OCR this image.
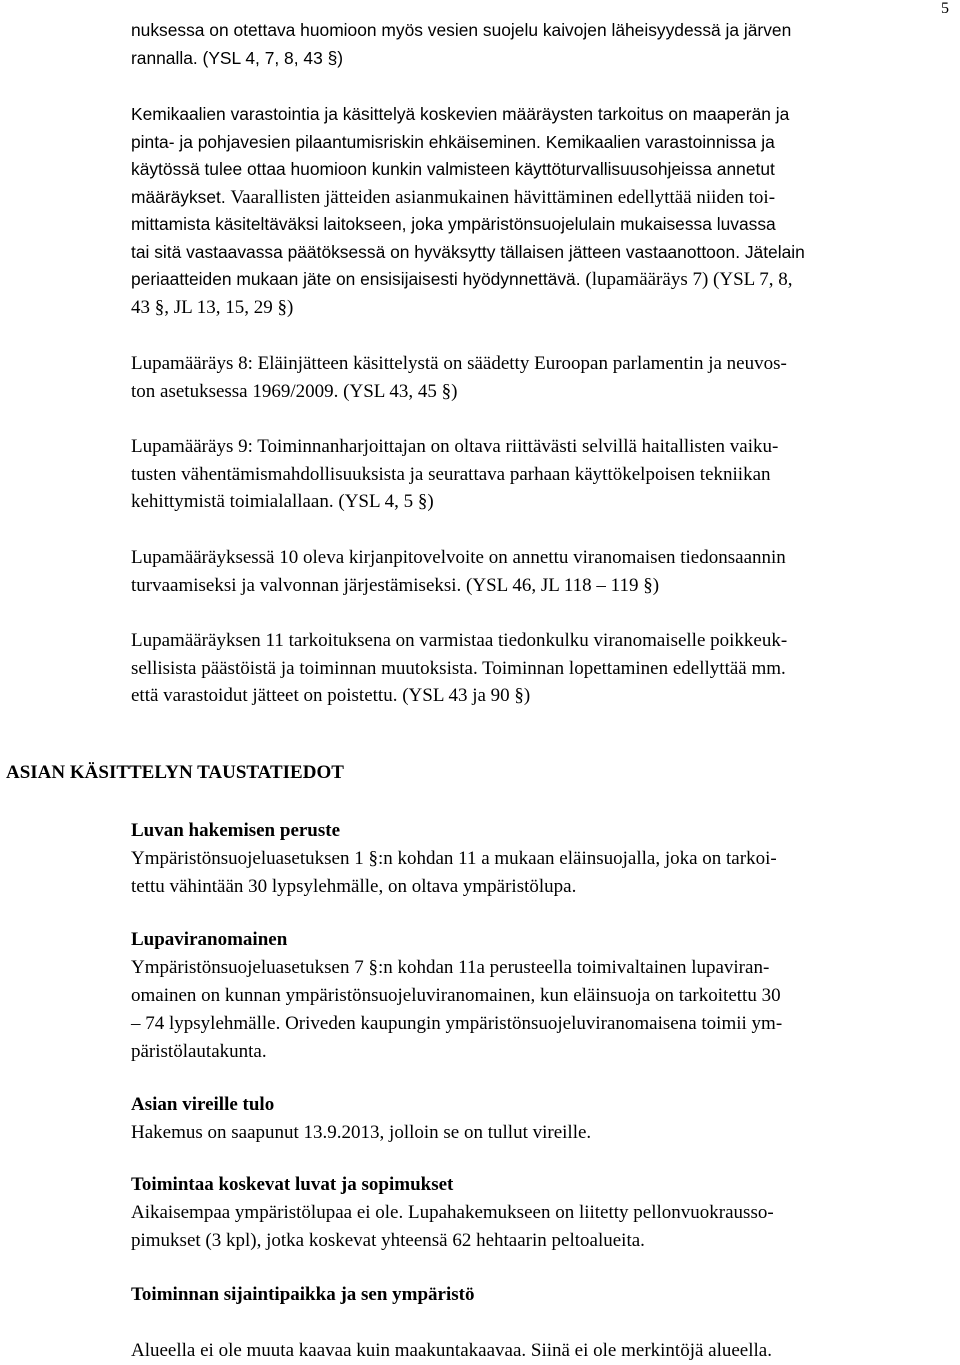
5
nuksessa on otettava huomioon myös vesien suojelu kaivojen läheisyydessä ja järven
rannalla. (YSL 4, 7, 8, 43 §)
Kemikaalien varastointia ja käsittelyä koskevien määräysten tarkoitus on maaperän ja
pinta- ja pohjavesien pilaantumisriskin ehkäiseminen. Kemikaalien varastoinnissa ja
käytössä tulee ottaa huomioon kunkin valmisteen käyttöturvallisuusohjeissa annetut
määräykset. Vaarallisten jätteiden asianmukainen hävittäminen edellyttää niiden toi-
mittamista käsiteltäväksi laitokseen, joka ympäristönsuojelulain mukaisessa luvassa
tai sitä vastaavassa päätöksessä on hyväksytty tällaisen jätteen vastaanottoon. Jätelain
periaatteiden mukaan jäte on ensisijaisesti hyödynnettävä. (lupamääräys 7) (YSL 7, 8,
43 §, JL 13, 15, 29 §)
Lupamääräys 8: Eläinjätteen käsittelystä on säädetty Euroopan parlamentin ja neuvos-
ton asetuksessa 1969/2009. (YSL 43, 45 §)
Lupamääräys 9: Toiminnanharjoittajan on oltava riittävästi selvillä haitallisten vaiku-
tusten vähentämismahdollisuuksista ja seurattava parhaan käyttökelpoisen tekniikan
kehittymistä toimialallaan. (YSL 4, 5 §)
Lupamääräyksessä 10 oleva kirjanpitovelvoite on annettu viranomaisen tiedonsaannin
turvaamiseksi ja valvonnan järjestämiseksi. (YSL 46, JL 118 – 119 §)
Lupamääräyksen 11 tarkoituksena on varmistaa tiedonkulku viranomaiselle poikkeuk-
sellisista päästöistä ja toiminnan muutoksista. Toiminnan lopettaminen edellyttää mm.
että varastoidut jätteet on poistettu. (YSL 43 ja 90 §)
ASIAN KÄSITTELYN TAUSTATIEDOT
Luvan hakemisen peruste
Ympäristönsuojeluasetuksen 1 §:n kohdan 11 a mukaan eläinsuojalla, joka on tarkoi-
tettu vähintään 30 lypsylehmälle, on oltava ympäristölupa.
Lupaviranomainen
Ympäristönsuojeluasetuksen 7 §:n kohdan 11a perusteella toimivaltainen lupaviran-
omainen on kunnan ympäristönsuojeluviranomainen, kun eläinsuoja on tarkoitettu 30
– 74 lypsylehmälle. Oriveden kaupungin ympäristönsuojeluviranomaisena toimii ym-
päristölautakunta.
Asian vireille tulo
Hakemus on saapunut 13.9.2013, jolloin se on tullut vireille.
Toimintaa koskevat luvat ja sopimukset
Aikaisempaa ympäristölupaa ei ole. Lupahakemukseen on liitetty pellonvuokrausso-
pimukset (3 kpl), jotka koskevat yhteensä 62 hehtaarin peltoalueita.
Toiminnan sijaintipaikka ja sen ympäristö

Alueella ei ole muuta kaavaa kuin maakuntakaavaa. Siinä ei ole merkintöjä alueella.
